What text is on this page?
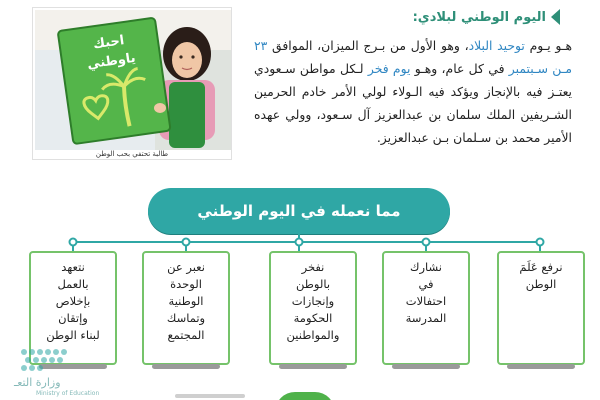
احبك
ياوطني
طالبة تحتفي بحب الوطن
اليوم الوطني لبلادي:

هـو يـوم توحيد البلاد، وهو الأول من بـرج الميزان، الموافق ٢٣ مـن سـبتمبر في كل عام، وهـو يوم فخر لـكل مواطن سـعودي يعتـز فيه بالإنجاز ويؤكد فيه الـولاء لولي الأمر خادم الحرمين الشـريفين الملك سلمان بن عبدالعزيز آل سـعود، وولي عهده الأمير محمد بن سـلمان بـن عبدالعزيز.

مما نعمله في اليوم الوطني
نرفع عَلَمَ
الوطن
نشارك
في
احتفالات
المدرسة
نفخر
بالوطن
وإنجازات
الحكومة
والمواطنين
نعبر عن
الوحدة
الوطنية
وتماسك
المجتمع
نتعهد
بالعمل
بإخلاص
وإتقان
لبناء الوطن
وزارة التعـ
Ministry of Education
